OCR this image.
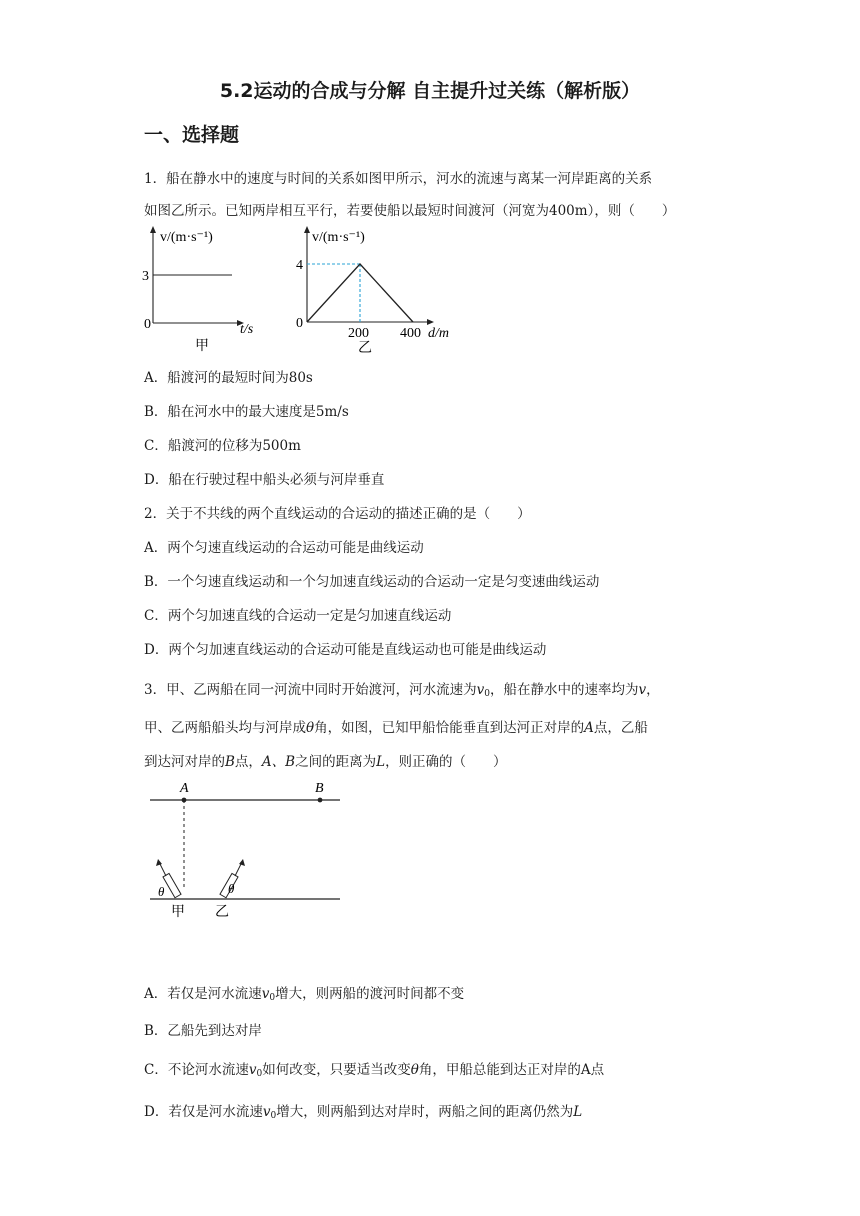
5.2运动的合成与分解 自主提升过关练（解析版）
一、选择题
1．船在静水中的速度与时间的关系如图甲所示，河水的流速与离某一河岸距离的关系
如图乙所示。已知两岸相互平行，若要使船以最短时间渡河（河宽为400m），则（　　）
v/(m·s⁻¹)
3
0	t/s
甲
v/(m·s⁻¹)
4
0
200 400 d/m
乙
A．船渡河的最短时间为80s
B．船在河水中的最大速度是5m/s
C．船渡河的位移为500m
D．船在行驶过程中船头必须与河岸垂直
2．关于不共线的两个直线运动的合运动的描述正确的是（　　）
A．两个匀速直线运动的合运动可能是曲线运动
B．一个匀速直线运动和一个匀加速直线运动的合运动一定是匀变速曲线运动
C．两个匀加速直线的合运动一定是匀加速直线运动
D．两个匀加速直线运动的合运动可能是直线运动也可能是曲线运动
3．甲、乙两船在同一河流中同时开始渡河，河水流速为$v_0$，船在静水中的速率均为v，
甲、乙两船船头均与河岸成θ角，如图，已知甲船恰能垂直到达河正对岸的A点，乙船
到达河对岸的B点，A、B之间的距离为L，则正确的（　　）
A	B
θ	θ
甲 乙
A．若仅是河水流速$v_0$增大，则两船的渡河时间都不变
B．乙船先到达对岸
C．不论河水流速$v_0$如何改变，只要适当改变θ角，甲船总能到达正对岸的A点
D．若仅是河水流速$v_0$增大，则两船到达对岸时，两船之间的距离仍然为L
